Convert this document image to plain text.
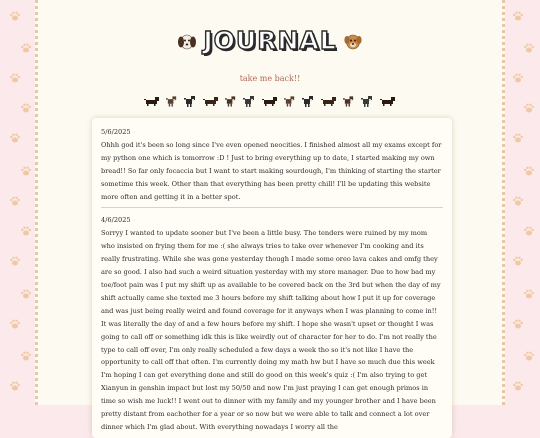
JOURNAL
take me back!!

5/6/2025

Ohhh god it's been so long since I've even opened neocities. I finished almost all my exams except for my python one which is tomorrow :D ! Just to bring everything up to date, I started making my own bread!! So far only focaccia but I want to start making sourdough, I'm thinking of starting the starter sometime this week. Other than that everything has been pretty chill! I'll be updating this website more often and getting it in a better spot.

4/6/2025

Sorryy I wanted to update sooner but I've been a little busy. The tenders were ruined by my mom who insisted on frying them for me :( she always tries to take over whenever I'm cooking and its really frustrating. While she was gone yesterday though I made some oreo lava cakes and omfg they are so good. I also had such a weird situation yesterday with my store manager. Due to how bad my toe/foot pain was I put my shift up as available to be covered back on the 3rd but when the day of my shift actually came she texted me 3 hours before my shift talking about how I put it up for coverage and was just being really weird and found coverage for it anyways when I was planning to come in!! It was literally the day of and a few hours before my shift. I hope she wasn't upset or thought I was going to call off or something idk this is like weirdly out of character for her to do. I'm not really the type to call off ever, I'm only really scheduled a few days a week tho so it's not like I have the opportunity to call off that often. I'm currently doing my math hw but I have so much due this week I'm hoping I can get everything done and still do good on this week's quiz :( I'm also trying to get Xianyun in genshin impact but lost my 50/50 and now I'm just praying I can get enough primos in time so wish me luck!! I went out to dinner with my family and my younger brother and I have been pretty distant from eachother for a year or so now but we were able to talk and connect a lot over dinner which I'm glad about. With everything nowadays I worry all the
